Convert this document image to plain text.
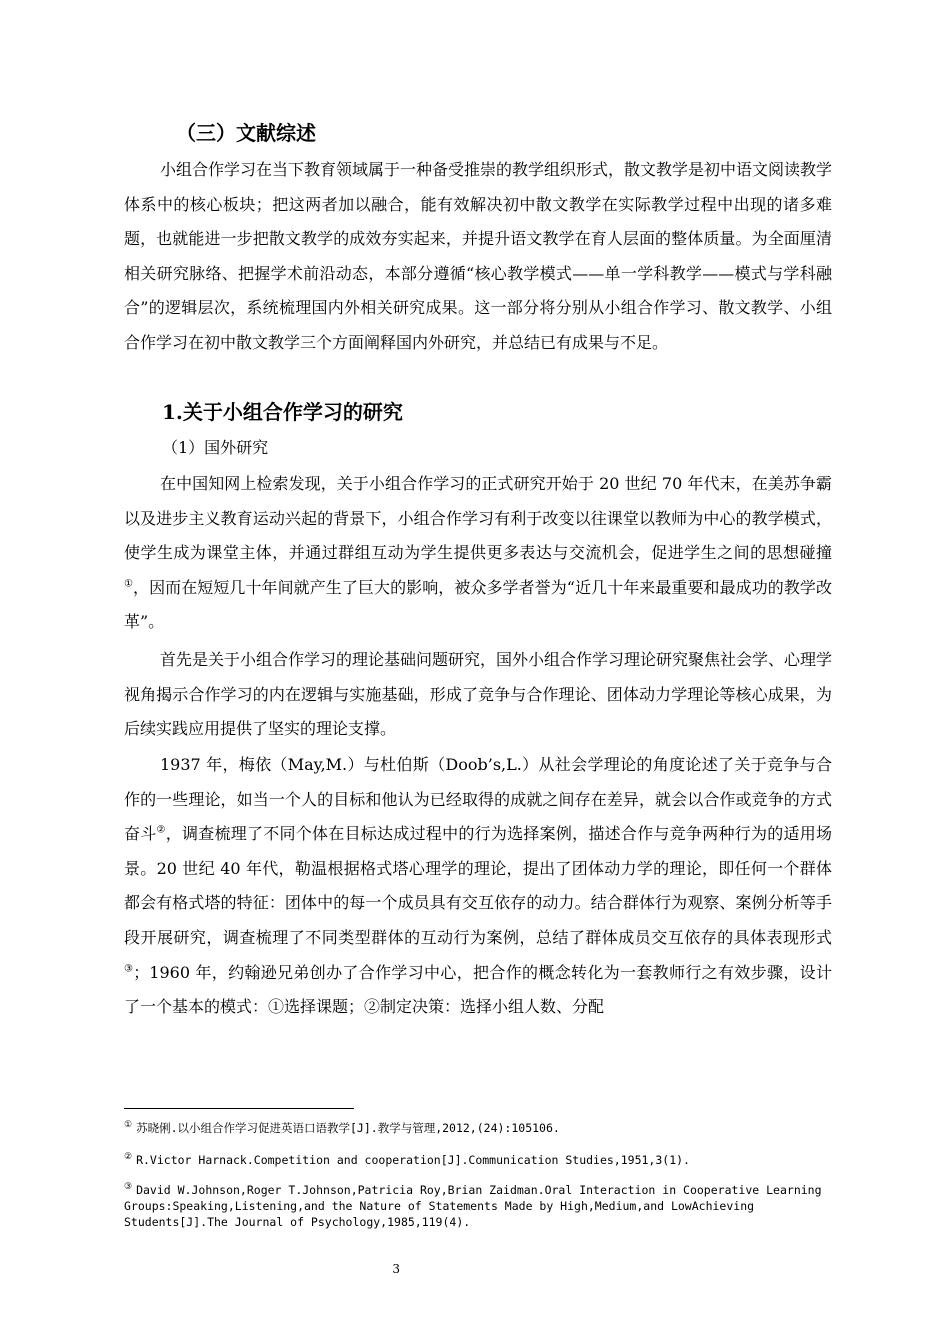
（三）文献综述

小组合作学习在当下教育领域属于一种备受推崇的教学组织形式，散文教学是初中语文阅读教学体系中的核心板块；把这两者加以融合，能有效解决初中散文教学在实际教学过程中出现的诸多难题，也就能进一步把散文教学的成效夯实起来，并提升语文教学在育人层面的整体质量。为全面厘清相关研究脉络、把握学术前沿动态，本部分遵循“核心教学模式——单一学科教学——模式与学科融合”的逻辑层次，系统梳理国内外相关研究成果。这一部分将分别从小组合作学习、散文教学、小组合作学习在初中散文教学三个方面阐释国内外研究，并总结已有成果与不足。

1.关于小组合作学习的研究
（1）国外研究

在中国知网上检索发现，关于小组合作学习的正式研究开始于 20 世纪 70 年代末，在美苏争霸以及进步主义教育运动兴起的背景下，小组合作学习有利于改变以往课堂以教师为中心的教学模式，使学生成为课堂主体，并通过群组互动为学生提供更多表达与交流机会，促进学生之间的思想碰撞①，因而在短短几十年间就产生了巨大的影响，被众多学者誉为“近几十年来最重要和最成功的教学改革”。

首先是关于小组合作学习的理论基础问题研究，国外小组合作学习理论研究聚焦社会学、心理学视角揭示合作学习的内在逻辑与实施基础，形成了竞争与合作理论、团体动力学理论等核心成果，为后续实践应用提供了坚实的理论支撑。

1937 年，梅依（May,M.）与杜伯斯（Doob’s,L.）从社会学理论的角度论述了关于竞争与合作的一些理论，如当一个人的目标和他认为已经取得的成就之间存在差异，就会以合作或竞争的方式奋斗②，调查梳理了不同个体在目标达成过程中的行为选择案例，描述合作与竞争两种行为的适用场景。20 世纪 40 年代，勒温根据格式塔心理学的理论，提出了团体动力学的理论，即任何一个群体都会有格式塔的特征：团体中的每一个成员具有交互依存的动力。结合群体行为观察、案例分析等手段开展研究，调查梳理了不同类型群体的互动行为案例，总结了群体成员交互依存的具体表现形式③；1960 年，约翰逊兄弟创办了合作学习中心，把合作的概念转化为一套教师行之有效步骤，设计了一个基本的模式：①选择课题；②制定决策：选择小组人数、分配

① 苏晓俐.以小组合作学习促进英语口语教学[J].教学与管理,2012,(24):105106.

② R.Victor Harnack.Competition and cooperation[J].Communication Studies,1951,3(1).

③ David W.Johnson,Roger T.Johnson,Patricia Roy,Brian Zaidman.Oral Interaction in Cooperative Learning Groups:Speaking,Listening,and the Nature of Statements Made by High,Medium,and LowAchieving Students[J].The Journal of Psychology,1985,119(4).

3
